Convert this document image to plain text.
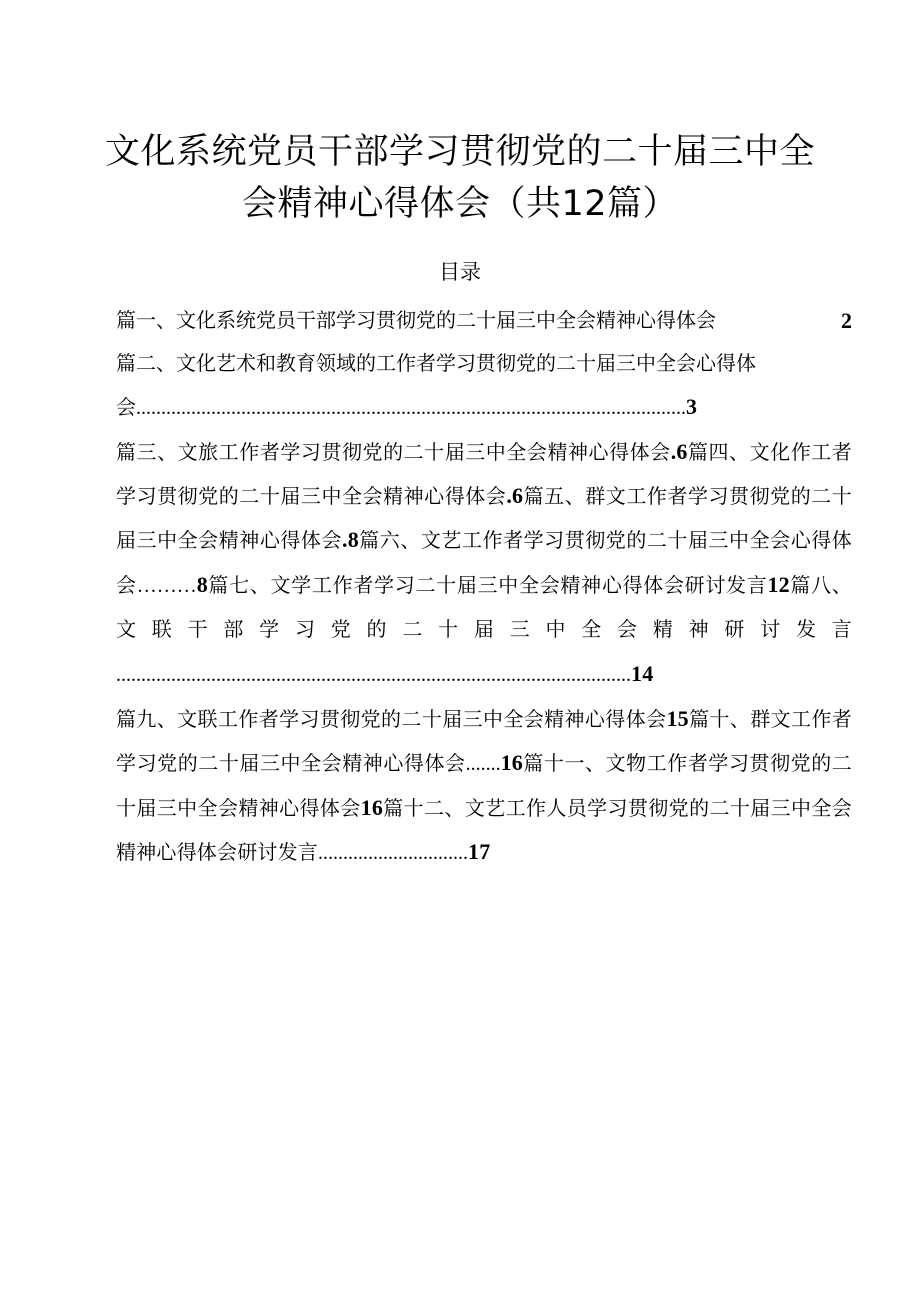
文化系统党员干部学习贯彻党的二十届三中全
会精神心得体会（共12篇）
目录

篇一、文化系统党员干部学习贯彻党的二十届三中全会精神心得体会	2

篇二、文化艺术和教育领域的工作者学习贯彻党的二十届三中全会心得体
会..............................................................................................................3

篇三、文旅工作者学习贯彻党的二十届三中全会精神心得体会.6篇四、文化作工者学习贯彻党的二十届三中全会精神心得体会.6篇五、群文工作者学习贯彻党的二十届三中全会精神心得体会.8篇六、文艺工作者学习贯彻党的二十届三中全会心得体会………8篇七、文学工作者学习二十届三中全会精神心得体会研讨发言12篇八、文联干部学习党的二十届三中全会精神研讨发言 .......................................................................................................14

篇九、文联工作者学习贯彻党的二十届三中全会精神心得体会15篇十、群文工作者学习党的二十届三中全会精神心得体会.......16篇十一、文物工作者学习贯彻党的二十届三中全会精神心得体会16篇十二、文艺工作人员学习贯彻党的二十届三中全会精神心得体会研讨发言..............................17
